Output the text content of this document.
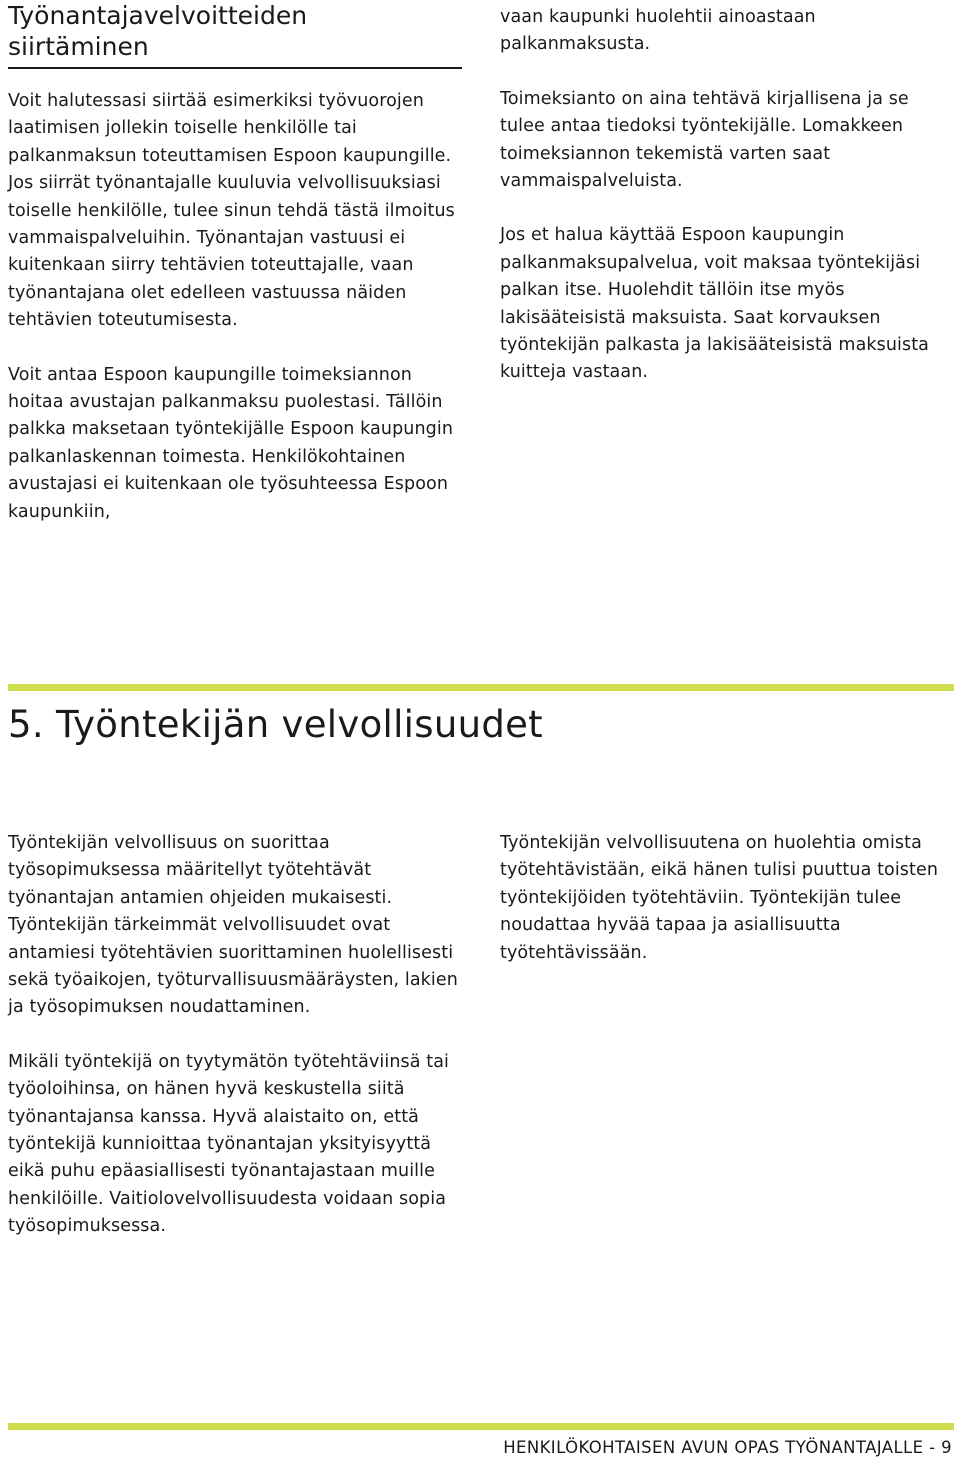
Työnantajavelvoitteiden
siirtäminen

Voit halutessasi siirtää esimerkiksi työvuorojen laatimisen jollekin toiselle henkilölle tai palkanmaksun toteuttamisen Espoon kaupungille. Jos siirrät työnantajalle kuuluvia velvollisuuksiasi toiselle henkilölle, tulee sinun tehdä tästä ilmoitus vammaispalveluihin. Työnantajan vastuusi ei kuitenkaan siirry tehtävien toteuttajalle, vaan työnantajana olet edelleen vastuussa näiden tehtävien toteutumisesta.

Voit antaa Espoon kaupungille toimeksiannon hoitaa avustajan palkanmaksu puolestasi. Tällöin palkka maksetaan työntekijälle Espoon kaupungin palkanlaskennan toimesta. Henkilökohtainen avustajasi ei kuitenkaan ole työsuhteessa Espoon kaupunkiin,

vaan kaupunki huolehtii ainoastaan palkanmaksusta.

Toimeksianto on aina tehtävä kirjallisena ja se tulee antaa tiedoksi työntekijälle. Lomakkeen toimeksiannon tekemistä varten saat vammaispalveluista.

Jos et halua käyttää Espoon kaupungin palkanmaksupalvelua, voit maksaa työntekijäsi palkan itse. Huolehdit tällöin itse myös lakisääteisistä maksuista. Saat korvauksen työntekijän palkasta ja lakisääteisistä maksuista kuitteja vastaan.

5. Työntekijän velvollisuudet

Työntekijän velvollisuus on suorittaa työsopimuksessa määritellyt työtehtävät työnantajan antamien ohjeiden mukaisesti. Työntekijän tärkeimmät velvollisuudet ovat antamiesi työtehtävien suorittaminen huolellisesti sekä työaikojen, työturvallisuusmääräysten, lakien ja työsopimuksen noudattaminen.

Mikäli työntekijä on tyytymätön työtehtäviinsä tai työoloihinsa, on hänen hyvä keskustella siitä työnantajansa kanssa. Hyvä alaistaito on, että työntekijä kunnioittaa työnantajan yksityisyyttä eikä puhu epäasiallisesti työnantajastaan muille henkilöille. Vaitiolovelvollisuudesta voidaan sopia työsopimuksessa.

Työntekijän velvollisuutena on huolehtia omista työtehtävistään, eikä hänen tulisi puuttua toisten työntekijöiden työtehtäviin. Työntekijän tulee noudattaa hyvää tapaa ja asiallisuutta työtehtävissään.

HENKILÖKOHTAISEN AVUN OPAS TYÖNANTAJALLE - 9
